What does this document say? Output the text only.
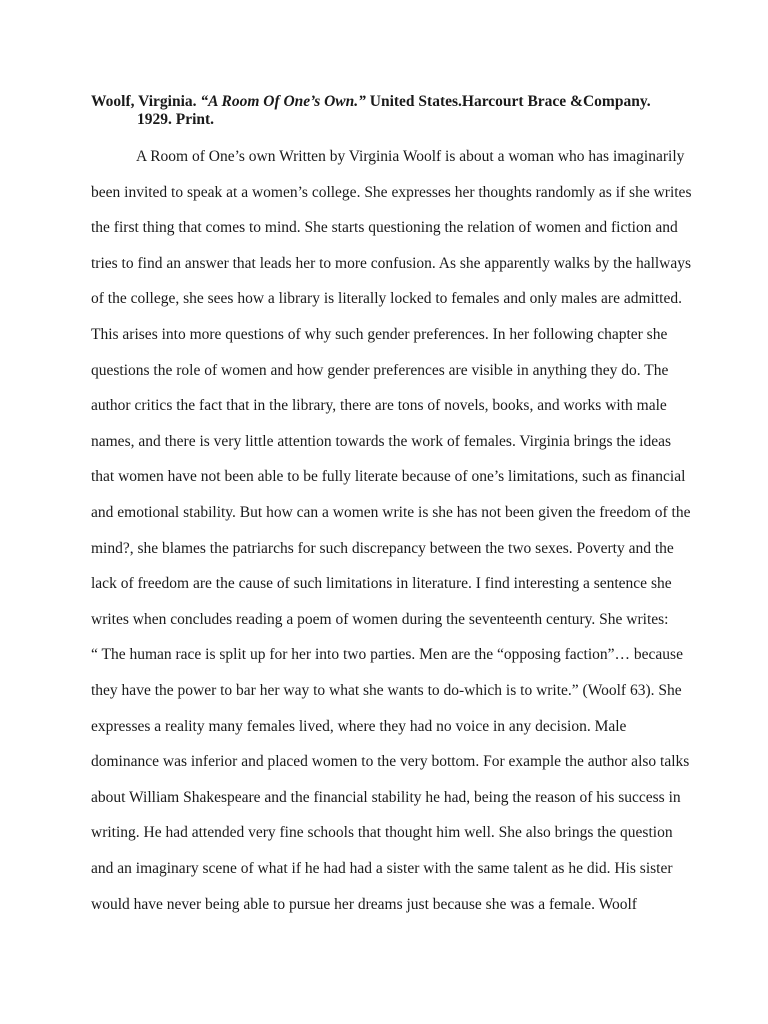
Woolf, Virginia. “A Room Of One’s Own.” United States.Harcourt Brace &Company.
1929. Print.
A Room of One’s own Written by Virginia Woolf is about a woman who has imaginarily
been invited to speak at a women’s college. She expresses her thoughts randomly as if she writes
the first thing that comes to mind. She starts questioning the relation of women and fiction and
tries to find an answer that leads her to more confusion. As she apparently walks by the hallways
of the college, she sees how a library is literally locked to females and only males are admitted.
This arises into more questions of why such gender preferences. In her following chapter she
questions the role of women and how gender preferences are visible in anything they do. The
author critics the fact that in the library, there are tons of novels, books, and works with male
names, and there is very little attention towards the work of females. Virginia brings the ideas
that women have not been able to be fully literate because of one’s limitations, such as financial
and emotional stability. But how can a women write is she has not been given the freedom of the
mind?, she blames the patriarchs for such discrepancy between the two sexes. Poverty and the
lack of freedom are the cause of such limitations in literature. I find interesting a sentence she
writes when concludes reading a poem of women during the seventeenth century. She writes:
“ The human race is split up for her into two parties. Men are the “opposing faction”… because
they have the power to bar her way to what she wants to do-which is to write.” (Woolf 63). She
expresses a reality many females lived, where they had no voice in any decision. Male
dominance was inferior and placed women to the very bottom. For example the author also talks
about William Shakespeare and the financial stability he had, being the reason of his success in
writing. He had attended very fine schools that thought him well. She also brings the question
and an imaginary scene of what if he had had a sister with the same talent as he did. His sister
would have never being able to pursue her dreams just because she was a female. Woolf
